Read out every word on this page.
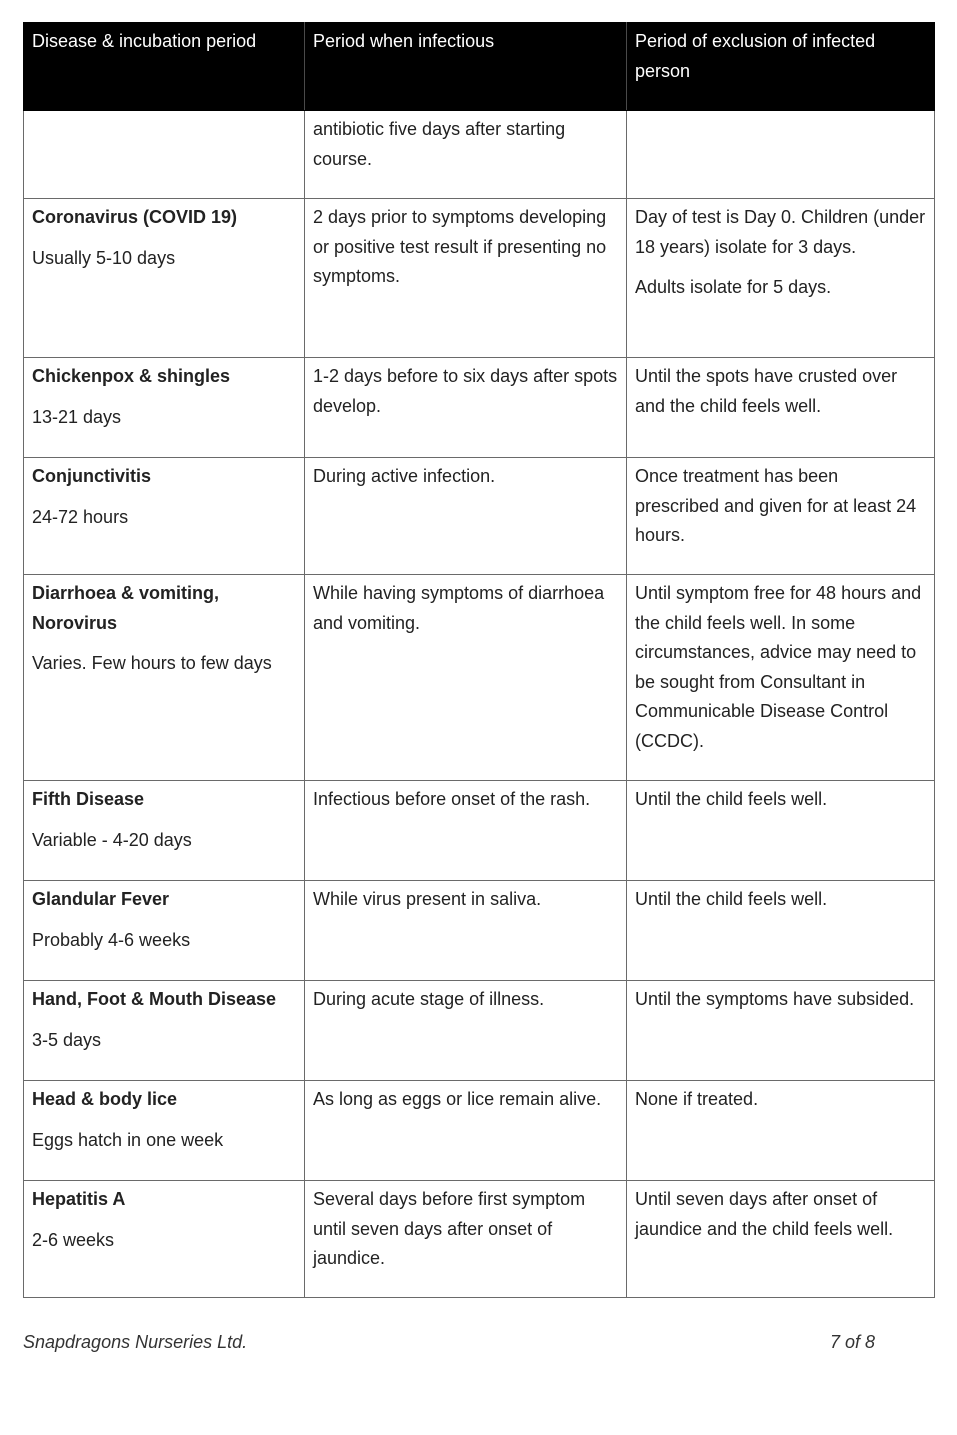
Disease & incubation period	Period when infectious	Period of exclusion of infected person
	antibiotic five days after starting course.	

Coronavirus (COVID 19)
Usually 5-10 days	2 days prior to symptoms developing or positive test result if presenting no symptoms.	Day of test is Day 0. Children (under 18 years) isolate for 3 days.
Adults isolate for 5 days.

Chickenpox & shingles
13-21 days	1-2 days before to six days after spots develop.	Until the spots have crusted over and the child feels well.

Conjunctivitis
24-72 hours	During active infection.	Once treatment has been prescribed and given for at least 24 hours.

Diarrhoea & vomiting, Norovirus
Varies. Few hours to few days	While having symptoms of diarrhoea and vomiting.	Until symptom free for 48 hours and the child feels well. In some circumstances, advice may need to be sought from Consultant in Communicable Disease Control (CCDC).

Fifth Disease
Variable - 4-20 days	Infectious before onset of the rash.	Until the child feels well.

Glandular Fever
Probably 4-6 weeks	While virus present in saliva.	Until the child feels well.

Hand, Foot & Mouth Disease
3-5 days	During acute stage of illness.	Until the symptoms have subsided.

Head & body lice
Eggs hatch in one week	As long as eggs or lice remain alive.	None if treated.

Hepatitis A
2-6 weeks	Several days before first symptom until seven days after onset of jaundice.	Until seven days after onset of jaundice and the child feels well.
Snapdragons Nurseries Ltd.	7 of 8
